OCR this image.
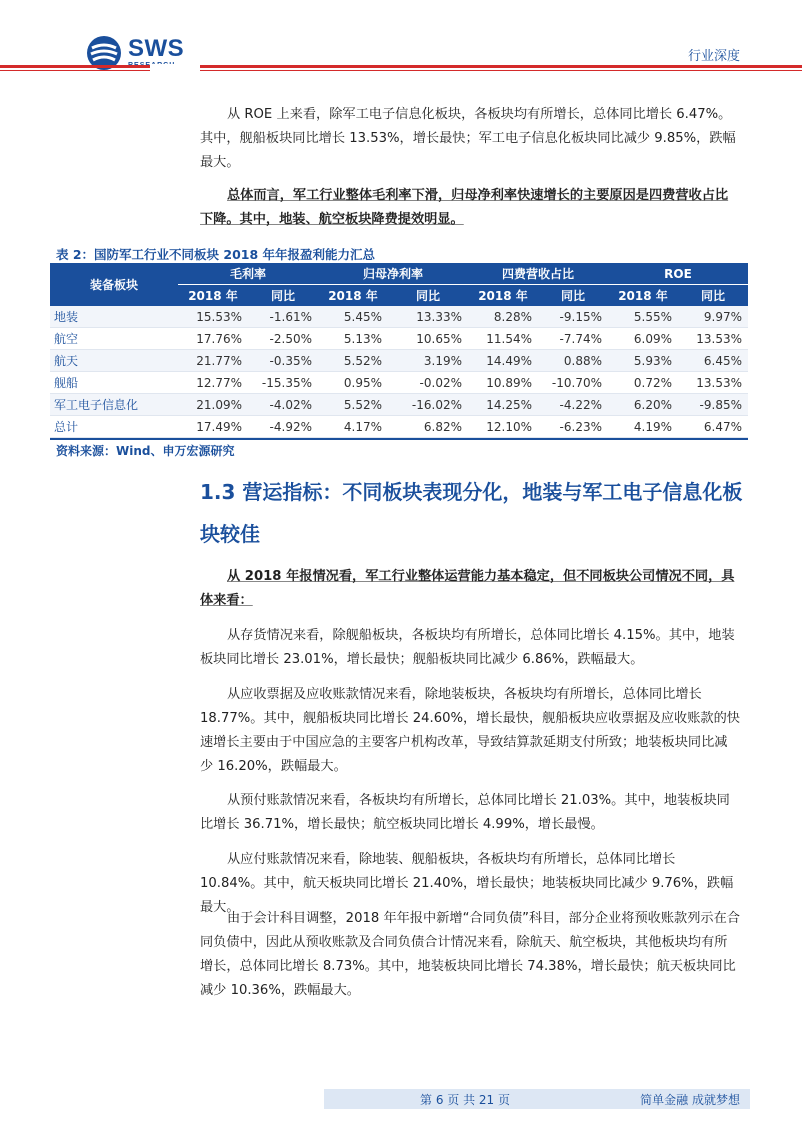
SWS	行业深度

从 ROE 上来看，除军工电子信息化板块，各板块均有所增长，总体同比增长 6.47%。其中，舰船板块同比增长 13.53%，增长最快；军工电子信息化板块同比减少 9.85%，跌幅最大。

总体而言，军工行业整体毛利率下滑，归母净利率快速增长的主要原因是四费营收占比下降。其中，地装、航空板块降费提效明显。

表 2：国防军工行业不同板块 2018 年年报盈利能力汇总
装备板块	毛利率		归母净利率		四费营收占比		ROE	
	2018 年	同比	2018 年	同比	2018 年	同比	2018 年	同比
地装	15.53%	-1.61%	5.45%	13.33%	8.28%	-9.15%	5.55%	9.97%
航空	17.76%	-2.50%	5.13%	10.65%	11.54%	-7.74%	6.09%	13.53%
航天	21.77%	-0.35%	5.52%	3.19%	14.49%	0.88%	5.93%	6.45%
舰船	12.77%	-15.35%	0.95%	-0.02%	10.89%	-10.70%	0.72%	13.53%
军工电子信息化	21.09%	-4.02%	5.52%	-16.02%	14.25%	-4.22%	6.20%	-9.85%
总计	17.49%	-4.92%	4.17%	6.82%	12.10%	-6.23%	4.19%	6.47%
资料来源：Wind、申万宏源研究
1.3 营运指标：不同板块表现分化，地装与军工电子信息化板
块较佳

从 2018 年报情况看，军工行业整体运营能力基本稳定，但不同板块公司情况不同，具体来看：

从存货情况来看，除舰船板块，各板块均有所增长，总体同比增长 4.15%。其中，地装板块同比增长 23.01%，增长最快；舰船板块同比减少 6.86%，跌幅最大。

从应收票据及应收账款情况来看，除地装板块，各板块均有所增长，总体同比增长 18.77%。其中，舰船板块同比增长 24.60%，增长最快，舰船板块应收票据及应收账款的快速增长主要由于中国应急的主要客户机构改革，导致结算款延期支付所致；地装板块同比减少 16.20%，跌幅最大。

从预付账款情况来看，各板块均有所增长，总体同比增长 21.03%。其中，地装板块同比增长 36.71%，增长最快；航空板块同比增长 4.99%，增长最慢。

从应付账款情况来看，除地装、舰船板块，各板块均有所增长，总体同比增长 10.84%。其中，航天板块同比增长 21.40%，增长最快；地装板块同比减少 9.76%，跌幅最大。

由于会计科目调整，2018 年年报中新增“合同负债”科目，部分企业将预收账款列示在合同负债中，因此从预收账款及合同负债合计情况来看，除航天、航空板块，其他板块均有所增长，总体同比增长 8.73%。其中，地装板块同比增长 74.38%，增长最快；航天板块同比减少 10.36%，跌幅最大。

第 6 页 共 21 页	简单金融 成就梦想
